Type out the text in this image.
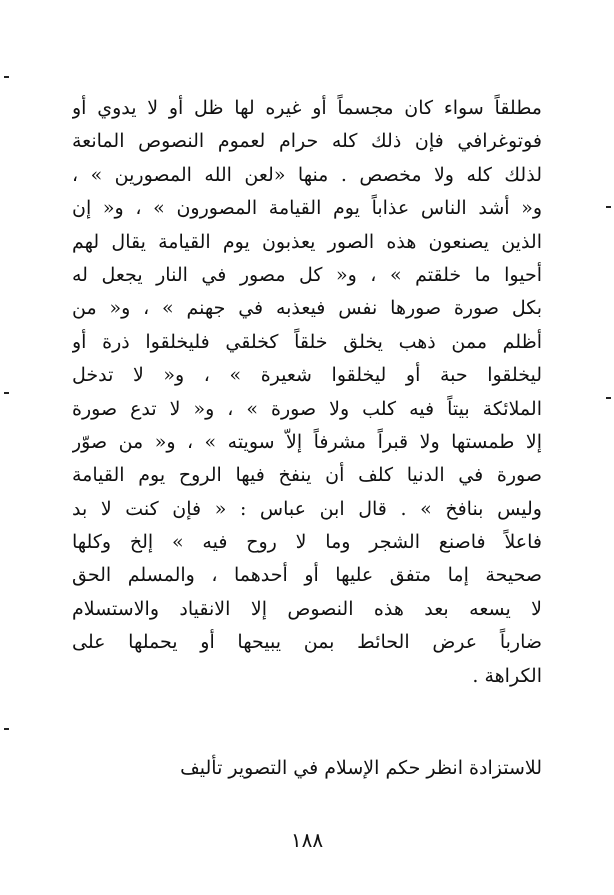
مطلقاً سواء كان مجسماً أو غيره لها ظل أو لا يدوي أو
فوتوغرافي فإن ذلك كله حرام لعموم النصوص المانعة
لذلك كله ولا مخصص . منها «لعن الله المصورين » ،
و« أشد الناس عذاباً يوم القيامة المصورون » ، و« إن
الذين يصنعون هذه الصور يعذبون يوم القيامة يقال لهم
أحيوا ما خلقتم » ، و« كل مصور في النار يجعل له
بكل صورة صورها نفس فيعذبه في جهنم » ، و« من
أظلم ممن ذهب يخلق خلقاً كخلقي فليخلقوا ذرة أو
ليخلقوا حبة أو ليخلقوا شعيرة » ، و« لا تدخل
الملائكة بيتاً فيه كلب ولا صورة » ، و« لا تدع صورة
إلا طمستها ولا قبراً مشرفاً إلاّ سويته » ، و« من صوّر
صورة في الدنيا كلف أن ينفخ فيها الروح يوم القيامة
وليس بنافخ » . قال ابن عباس : « فإن كنت لا بد
فاعلاً فاصنع الشجر وما لا روح فيه » إلخ وكلها
صحيحة إما متفق عليها أو أحدهما ، والمسلم الحق
لا يسعه بعد هذه النصوص إلا الانقياد والاستسلام
ضارباً عرض الحائط بمن يبيحها أو يحملها على
الكراهة .
للاستزادة انظر حكم الإسلام في التصوير تأليف
١٨٨
